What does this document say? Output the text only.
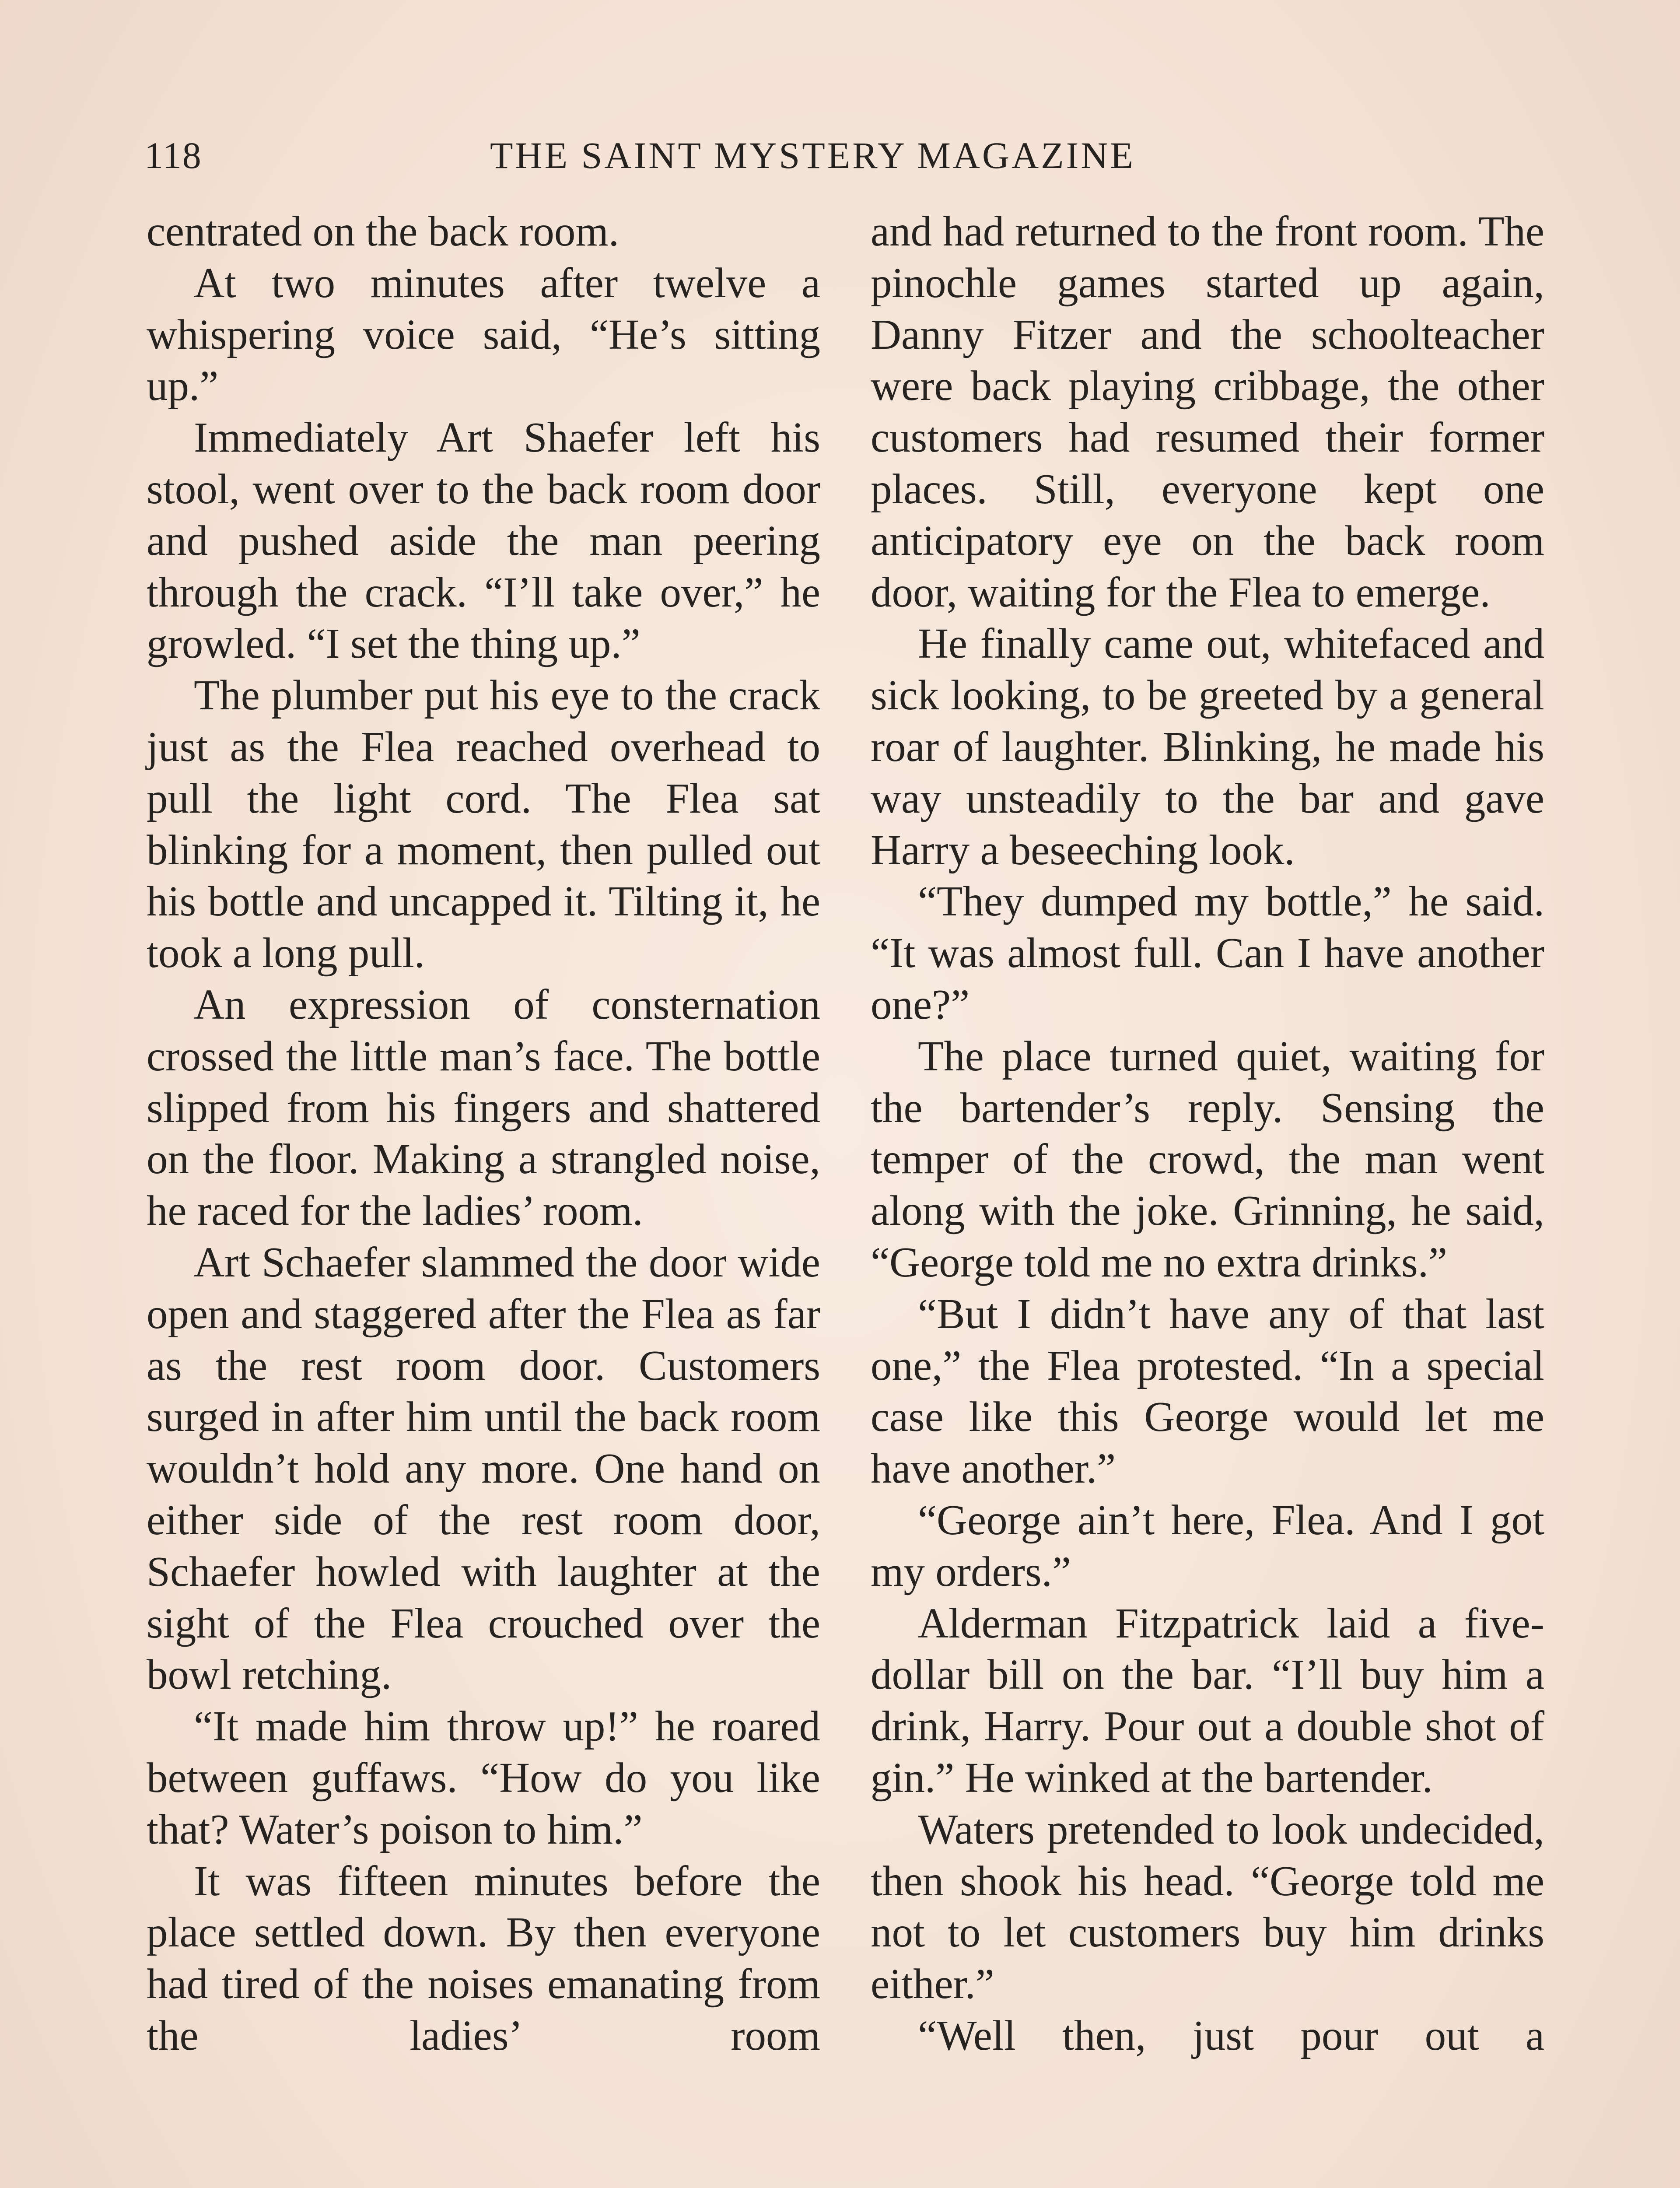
118	THE SAINT MYSTERY MAGAZINE

centrated on the back room.

At two minutes after twelve a whispering voice said, “He’s sitting up.”

Immediately Art Shaefer left his stool, went over to the back room door and pushed aside the man peering through the crack. “I’ll take over,” he growled. “I set the thing up.”

The plumber put his eye to the crack just as the Flea reached overhead to pull the light cord. The Flea sat blinking for a moment, then pulled out his bottle and uncapped it. Tilting it, he took a long pull.

An expression of consternation crossed the little man’s face. The bottle slipped from his fingers and shattered on the floor. Making a strangled noise, he raced for the ladies’ room.

Art Schaefer slammed the door wide open and staggered after the Flea as far as the rest room door. Customers surged in after him until the back room wouldn’t hold any more. One hand on either side of the rest room door, Schaefer howled with laughter at the sight of the Flea crouched over the bowl retching.

“It made him throw up!” he roared between guffaws. “How do you like that? Water’s poison to him.”

It was fifteen minutes before the place settled down. By then everyone had tired of the noises emanating from the ladies’ room

and had returned to the front room. The pinochle games started up again, Danny Fitzer and the schoolteacher were back playing cribbage, the other customers had resumed their former places. Still, everyone kept one anticipatory eye on the back room door, waiting for the Flea to emerge.

He finally came out, whitefaced and sick looking, to be greeted by a general roar of laughter. Blinking, he made his way unsteadily to the bar and gave Harry a beseeching look.

“They dumped my bottle,” he said. “It was almost full. Can I have another one?”

The place turned quiet, waiting for the bartender’s reply. Sensing the temper of the crowd, the man went along with the joke. Grinning, he said, “George told me no extra drinks.”

“But I didn’t have any of that last one,” the Flea protested. “In a special case like this George would let me have another.”

“George ain’t here, Flea. And I got my orders.”

Alderman Fitzpatrick laid a five-dollar bill on the bar. “I’ll buy him a drink, Harry. Pour out a double shot of gin.” He winked at the bartender.

Waters pretended to look undecided, then shook his head. “George told me not to let customers buy him drinks either.”

“Well then, just pour out a
